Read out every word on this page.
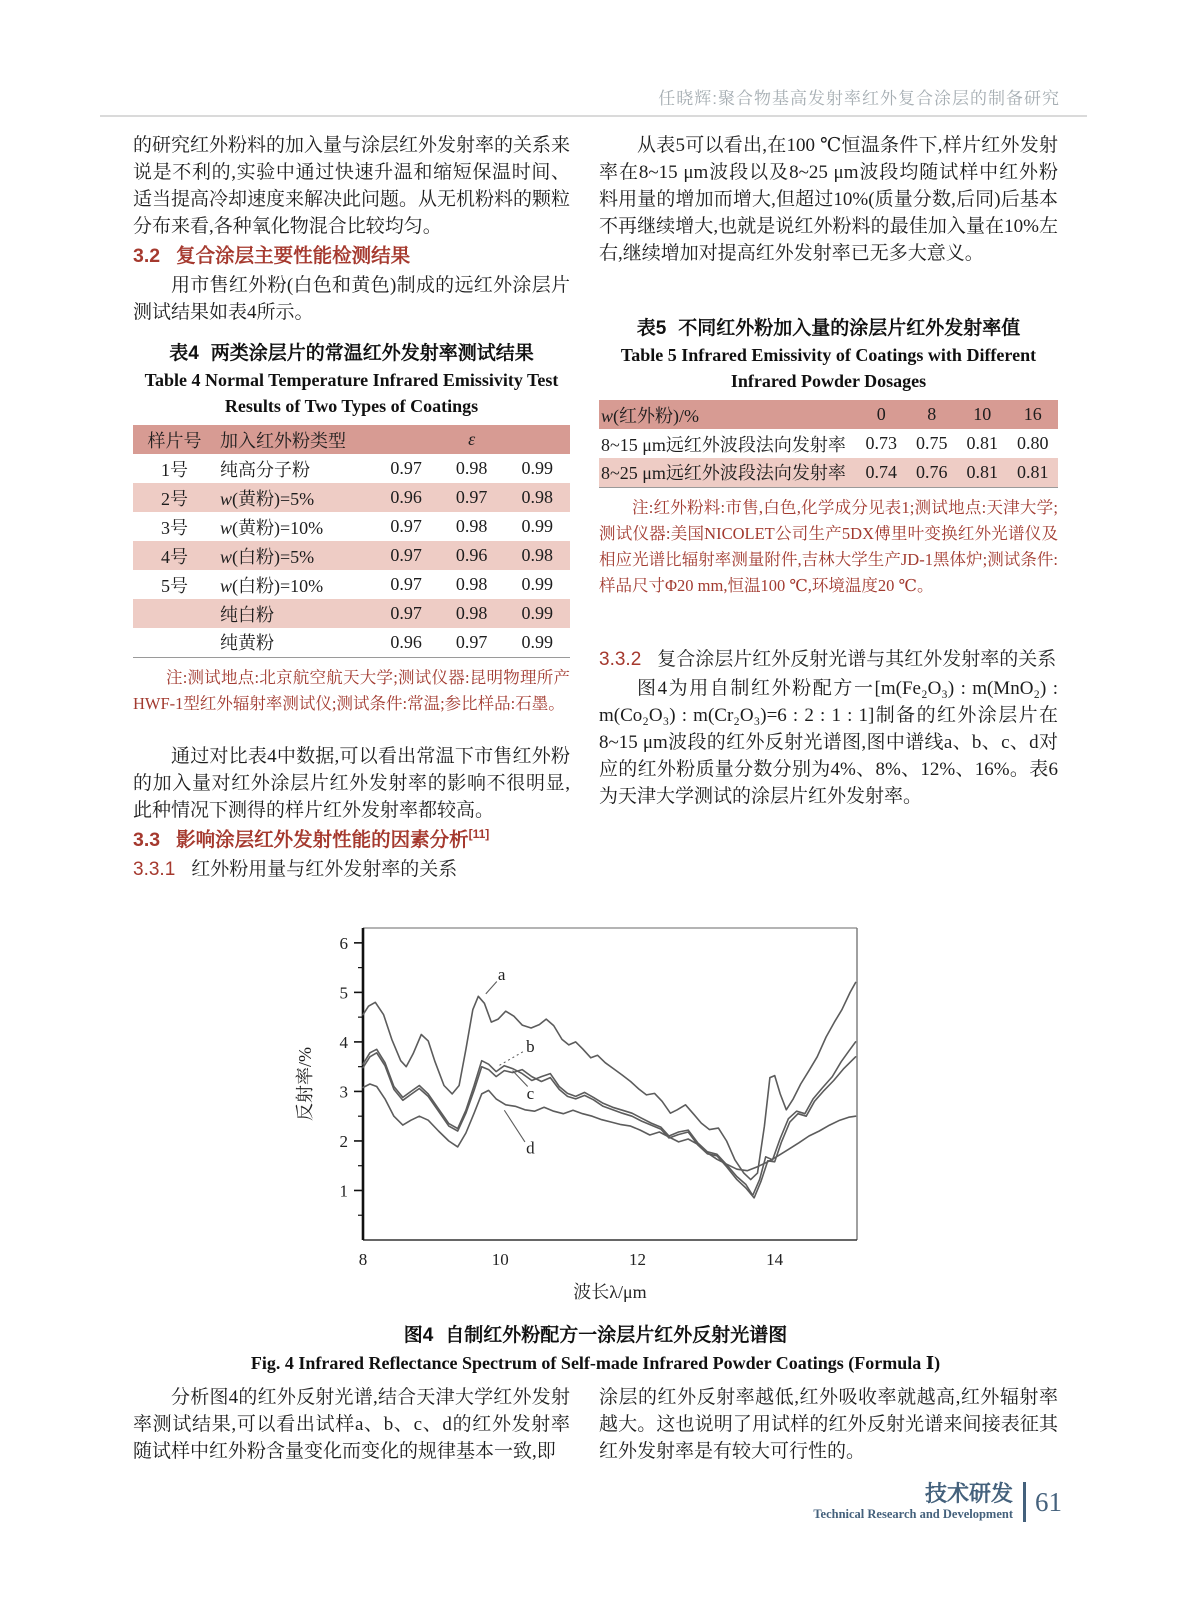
任晓辉:聚合物基高发射率红外复合涂层的制备研究

的研究红外粉料的加入量与涂层红外发射率的关系来说是不利的,实验中通过快速升温和缩短保温时间、适当提高冷却速度来解决此问题。从无机粉料的颗粒分布来看,各种氧化物混合比较均匀。

3.2 复合涂层主要性能检测结果

用市售红外粉(白色和黄色)制成的远红外涂层片测试结果如表4所示。

表4 两类涂层片的常温红外发射率测试结果
Table 4 Normal Temperature Infrared Emissivity Test
Results of Two Types of Coatings
样片号	加入红外粉类型	ε		
1号	纯高分子粉	0.97	0.98	0.99
2号	w(黄粉)=5%	0.96	0.97	0.98
3号	w(黄粉)=10%	0.97	0.98	0.99
4号	w(白粉)=5%	0.97	0.96	0.98
5号	w(白粉)=10%	0.97	0.98	0.99
	纯白粉	0.97	0.98	0.99
	纯黄粉	0.96	0.97	0.99
注:测试地点:北京航空航天大学;测试仪器:昆明物理所产HWF-1型红外辐射率测试仪;测试条件:常温;参比样品:石墨。

通过对比表4中数据,可以看出常温下市售红外粉的加入量对红外涂层片红外发射率的影响不很明显,此种情况下测得的样片红外发射率都较高。

3.3 影响涂层红外发射性能的因素分析[11]
3.3.1 红外粉用量与红外发射率的关系

从表5可以看出,在100 ℃恒温条件下,样片红外发射率在8~15 μm波段以及8~25 μm波段均随试样中红外粉料用量的增加而增大,但超过10%(质量分数,后同)后基本不再继续增大,也就是说红外粉料的最佳加入量在10%左右,继续增加对提高红外发射率已无多大意义。

表5 不同红外粉加入量的涂层片红外发射率值
Table 5 Infrared Emissivity of Coatings with Different
Infrared Powder Dosages
w(红外粉)/%	0	8	10	16
8~15 μm远红外波段法向发射率	0.73	0.75	0.81	0.80
8~25 μm远红外波段法向发射率	0.74	0.76	0.81	0.81
注:红外粉料:市售,白色,化学成分见表1;测试地点:天津大学;测试仪器:美国NICOLET公司生产5DX傅里叶变换红外光谱仪及相应光谱比辐射率测量附件,吉林大学生产JD-1黑体炉;测试条件:样品尺寸Φ20 mm,恒温100 ℃,环境温度20 ℃。
3.3.2 复合涂层片红外反射光谱与其红外发射率的关系

图4为用自制红外粉配方一[m(Fe₂O₃) : m(MnO₂) : m(Co₂O₃) : m(Cr₂O₃)=6 : 2 : 1 : 1]制备的红外涂层片在8~15 μm波段的红外反射光谱图,图中谱线a、b、c、d对应的红外粉质量分数分别为4%、8%、12%、16%。表6为天津大学测试的涂层片红外发射率。

1
2
3
4
5
6
8	10	12	14
波长λ/μm
反射率/%
a
b
c
d
图4 自制红外粉配方一涂层片红外反射光谱图
Fig. 4 Infrared Reflectance Spectrum of Self-made Infrared Powder Coatings (Formula Ⅰ)

分析图4的红外反射光谱,结合天津大学红外发射率测试结果,可以看出试样a、b、c、d的红外发射率随试样中红外粉含量变化而变化的规律基本一致,即

涂层的红外反射率越低,红外吸收率就越高,红外辐射率越大。这也说明了用试样的红外反射光谱来间接表征其红外发射率是有较大可行性的。

技术研发
Technical Research and Development 61
